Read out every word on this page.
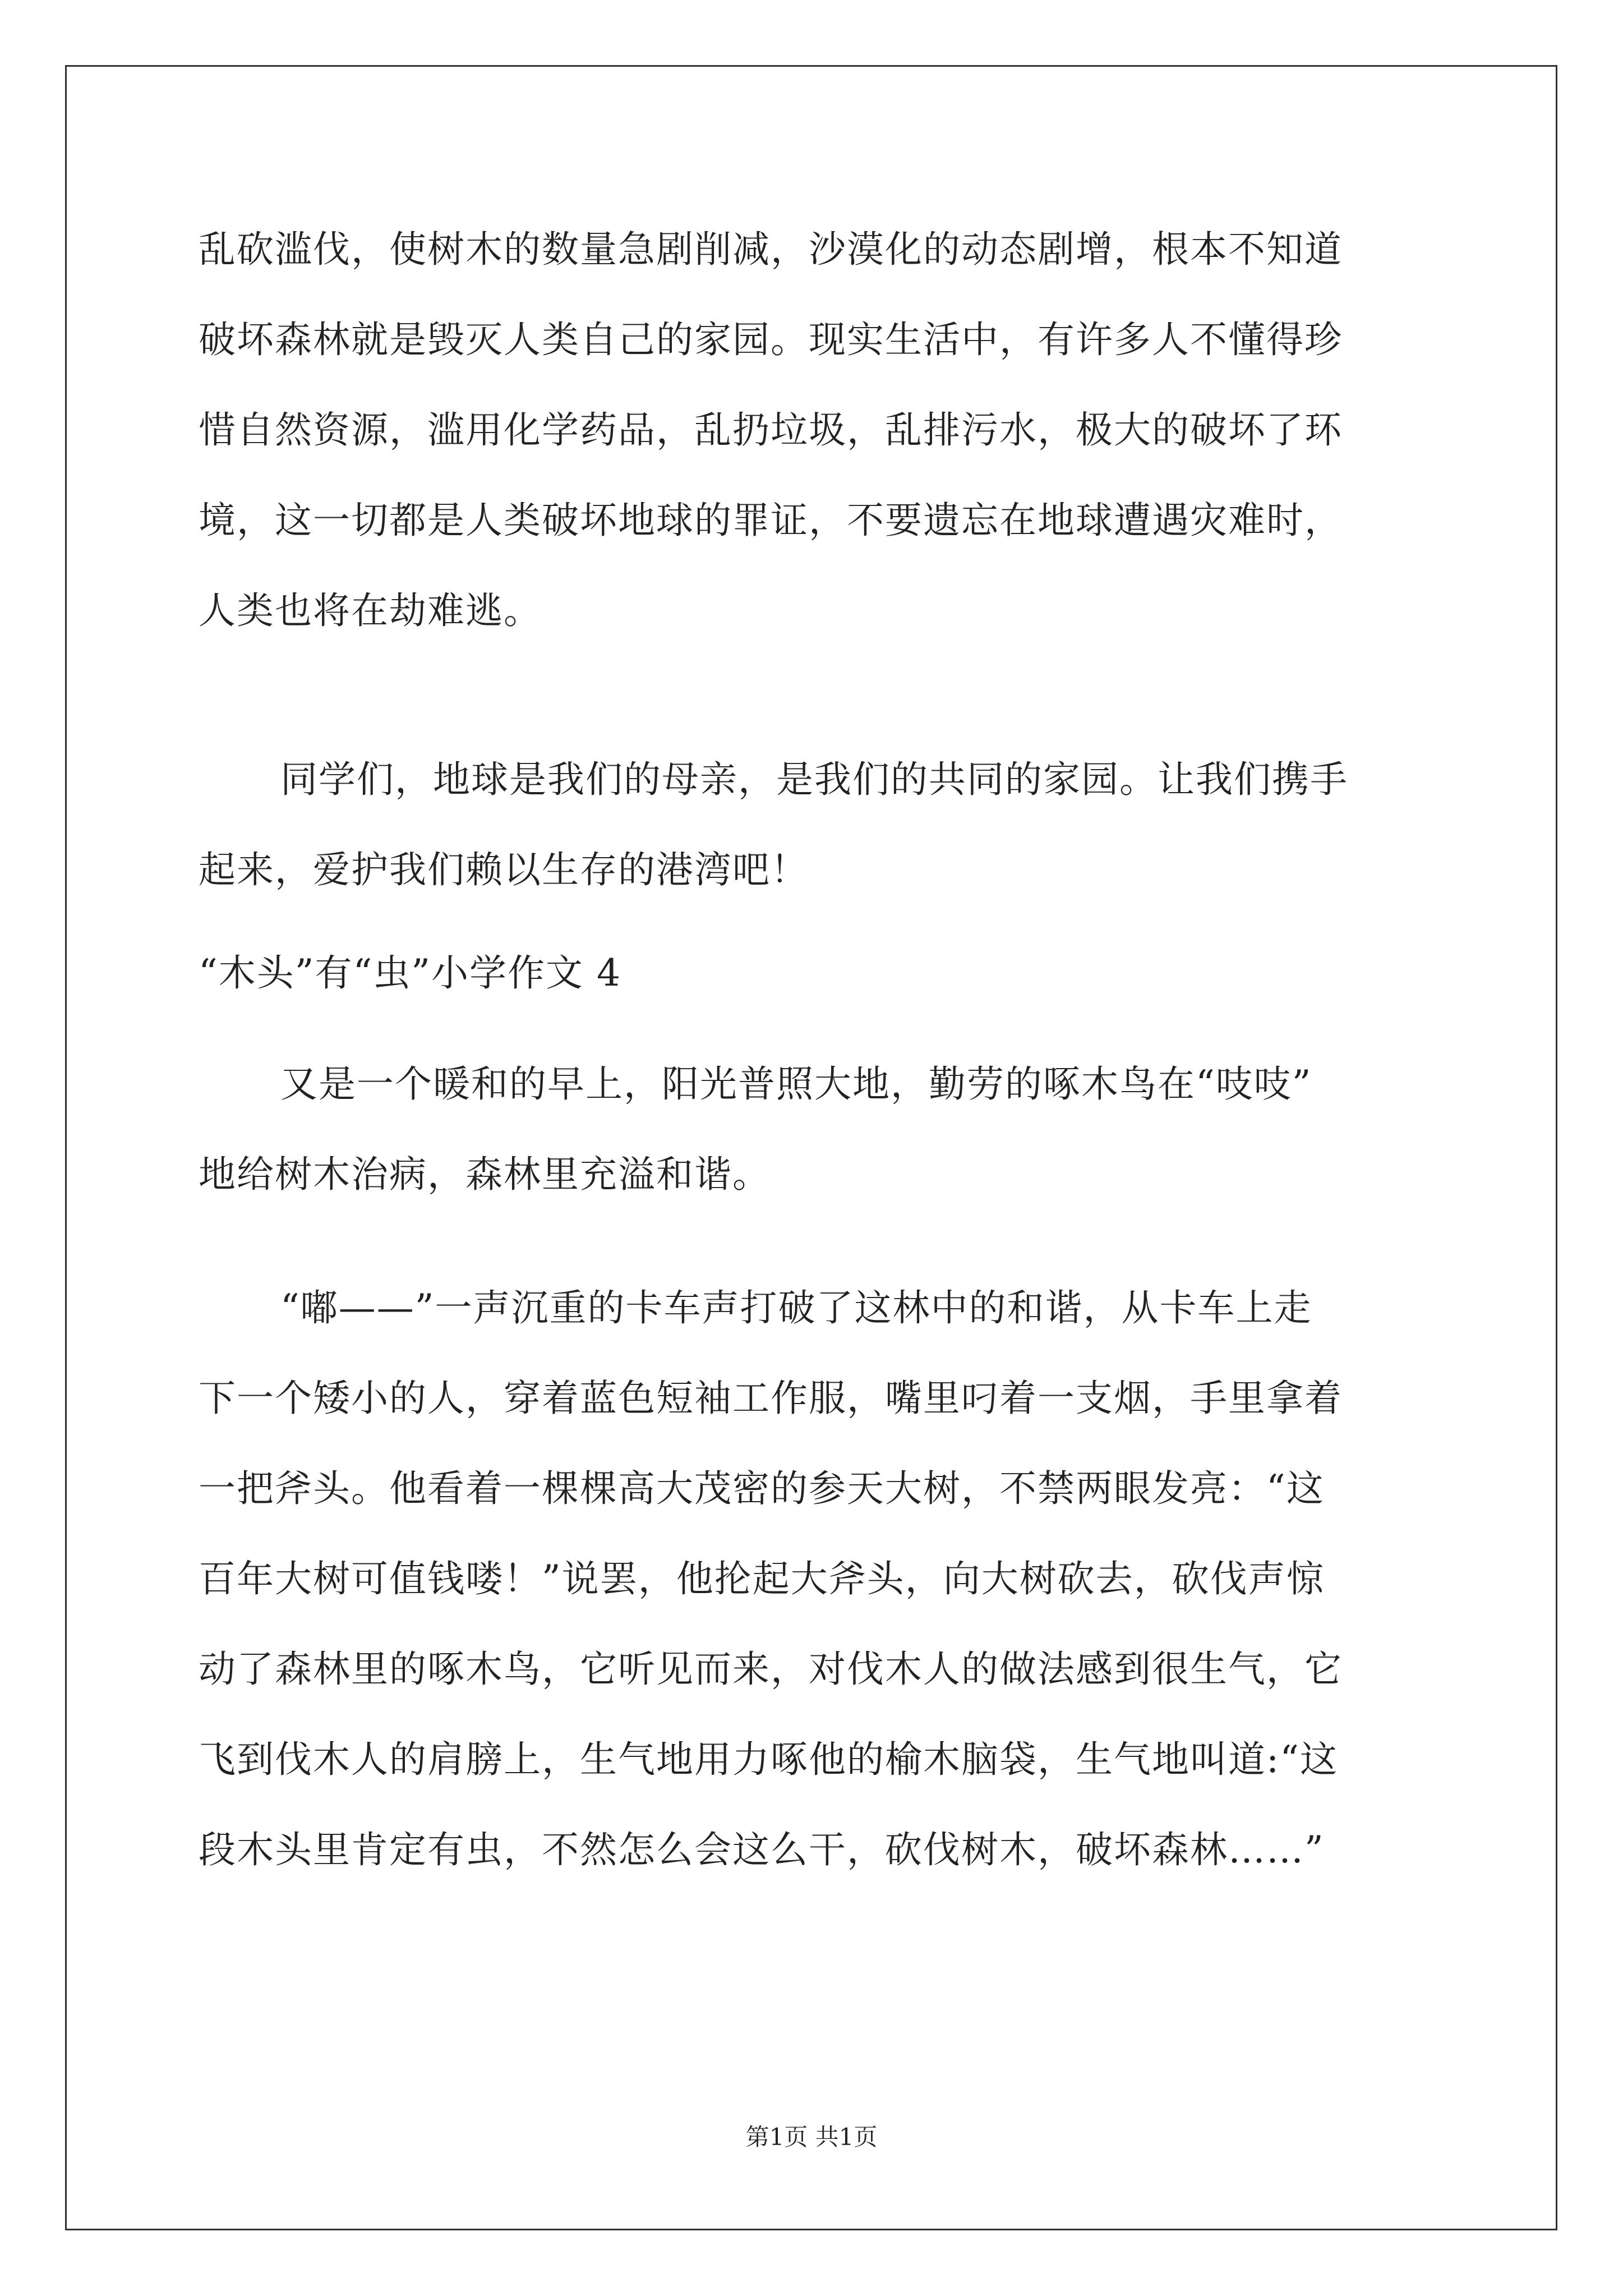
乱砍滥伐，使树木的数量急剧削减，沙漠化的动态剧增，根本不知道
破坏森林就是毁灭人类自己的家园。现实生活中，有许多人不懂得珍
惜自然资源，滥用化学药品，乱扔垃圾，乱排污水，极大的破坏了环
境，这一切都是人类破坏地球的罪证，不要遗忘在地球遭遇灾难时，
人类也将在劫难逃。
同学们，地球是我们的母亲，是我们的共同的家园。让我们携手
起来，爱护我们赖以生存的港湾吧！
“木头”有“虫”小学作文 4
又是一个暖和的早上，阳光普照大地，勤劳的啄木鸟在“吱吱”
地给树木治病，森林里充溢和谐。
“嘟——”一声沉重的卡车声打破了这林中的和谐，从卡车上走
下一个矮小的人，穿着蓝色短袖工作服，嘴里叼着一支烟，手里拿着
一把斧头。他看着一棵棵高大茂密的参天大树，不禁两眼发亮：“这
百年大树可值钱喽！”说罢，他抡起大斧头，向大树砍去，砍伐声惊
动了森林里的啄木鸟，它听见而来，对伐木人的做法感到很生气，它
飞到伐木人的肩膀上，生气地用力啄他的榆木脑袋，生气地叫道:“这
段木头里肯定有虫，不然怎么会这么干，砍伐树木，破坏森林……”
第1页 共1页
